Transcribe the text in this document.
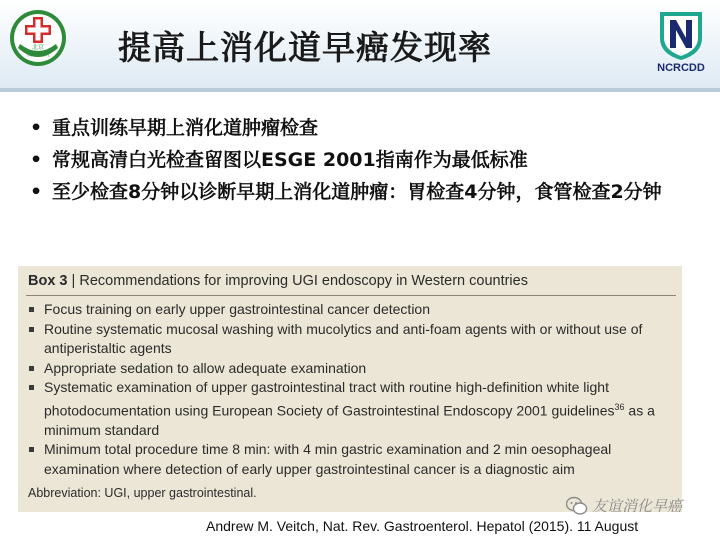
北京
友谊医院 提高上消化道早癌发现率
NCRCDD
• 重点训练早期上消化道肿瘤检查
• 常规高清白光检查留图以ESGE 2001指南作为最低标准
• 至少检查8分钟以诊断早期上消化道肿瘤：胃检查4分钟，食管检查2分钟
Box 3 | Recommendations for improving UGI endoscopy in Western countries
Focus training on early upper gastrointestinal cancer detection
Routine systematic mucosal washing with mucolytics and anti-foam agents with or without use of antiperistaltic agents
Appropriate sedation to allow adequate examination
Systematic examination of upper gastrointestinal tract with routine high-definition white light photodocumentation using European Society of Gastrointestinal Endoscopy 2001 guidelines$^{36}$ as a minimum standard
Minimum total procedure time 8 min: with 4 min gastric examination and 2 min oesophageal examination where detection of early upper gastrointestinal cancer is a diagnostic aim
Abbreviation: UGI, upper gastrointestinal.
友谊消化早癌
Andrew M. Veitch, Nat. Rev. Gastroenterol. Hepatol (2015). 11 August
